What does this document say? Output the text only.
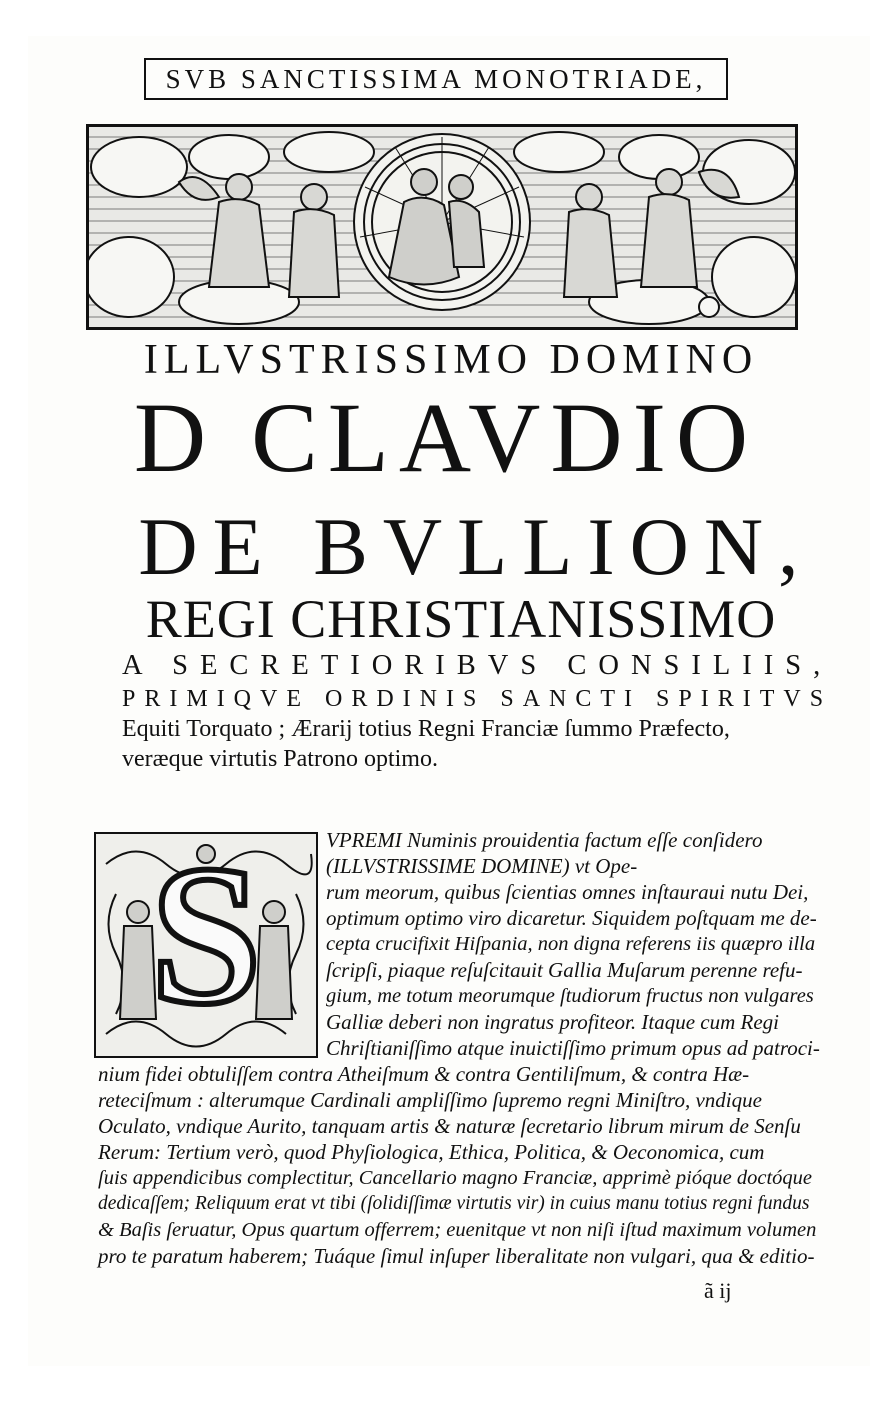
SVB SANCTISSIMA MONOTRIADE,
ILLVSTRISSIMO DOMINO
D CLAVDIO
DE BVLLION,
REGI CHRISTIANISSIMO
A SECRETIORIBVS CONSILIIS,
PRIMIQVE ORDINIS SANCTI SPIRITVS
Equiti Torquato ; Ærarij totius Regni Franciæ ſummo Præfecto,
veræque virtutis Patrono optimo.
S	VPREMI Numinis prouidentia factum eſſe conſidero
(ILLVSTRISSIME DOMINE) vt Ope-
rum meorum, quibus ſcientias omnes inſtauraui nutu Dei,
optimum optimo viro dicaretur. Siquidem poſtquam me de-
cepta crucifixit Hiſpania, non digna referens iis quæpro illa
ſcripſi, piaque reſuſcitauit Gallia Muſarum perenne refu-
gium, me totum meorumque ſtudiorum fructus non vulgares
Galliæ deberi non ingratus profiteor. Itaque cum Regi
Chriſtianiſſimo atque inuictiſſimo primum opus ad patroci-
nium fidei obtuliſſem contra Atheiſmum & contra Gentiliſmum, & contra Hæ-
reteciſmum : alterumque Cardinali ampliſſimo ſupremo regni Miniſtro, vndique
Oculato, vndique Aurito, tanquam artis & naturæ ſecretario librum mirum de Senſu
Rerum: Tertium verò, quod Phyſiologica, Ethica, Politica, & Oeconomica, cum
ſuis appendicibus complectitur, Cancellario magno Franciæ, apprimè pióque doctóque
dedicaſſem; Reliquum erat vt tibi (ſolidiſſimæ virtutis vir) in cuius manu totius regni fundus
& Baſis ſeruatur, Opus quartum offerrem; euenitque vt non niſi iſtud maximum volumen
pro te paratum haberem; Tuáque ſimul inſuper liberalitate non vulgari, qua & editio-
ã ij
